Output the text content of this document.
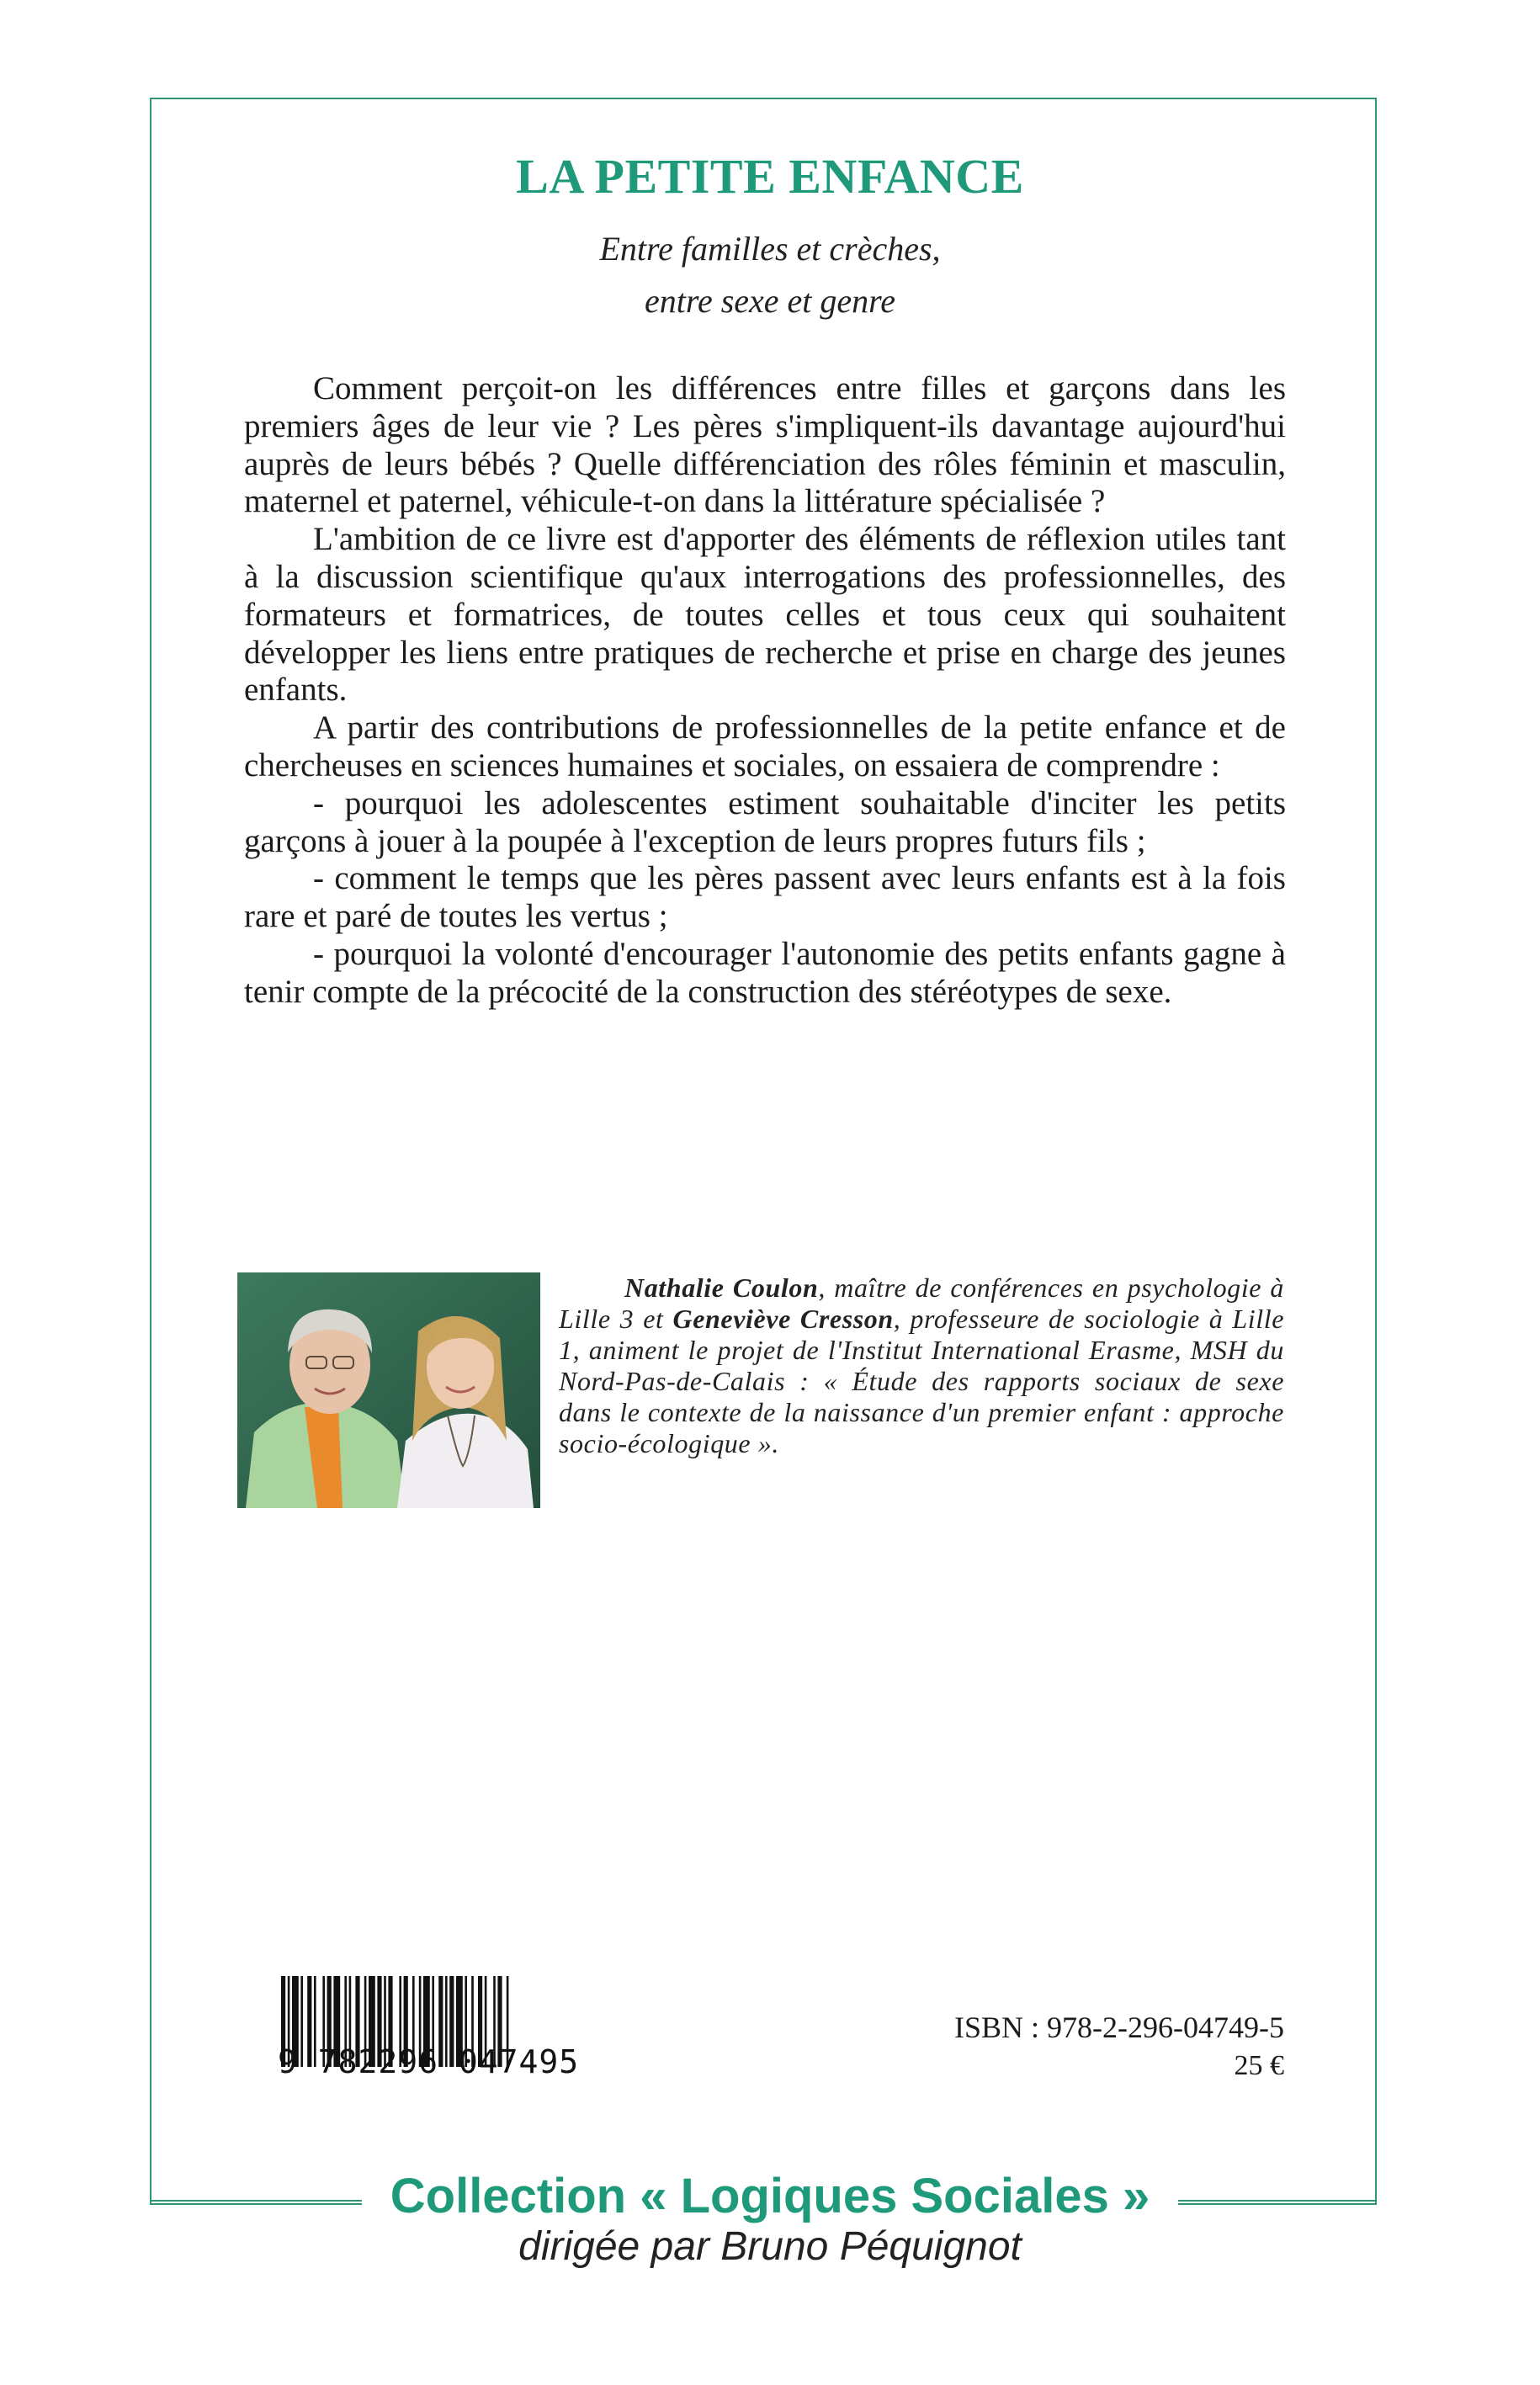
LA PETITE ENFANCE

Entre familles et crèches,

entre sexe et genre

Comment perçoit-on les différences entre filles et garçons dans les premiers âges de leur vie ? Les pères s'impliquent-ils davantage aujourd'hui auprès de leurs bébés ? Quelle différenciation des rôles féminin et masculin, maternel et paternel, véhicule-t-on dans la littérature spécialisée ?

L'ambition de ce livre est d'apporter des éléments de réflexion utiles tant à la discussion scientifique qu'aux interrogations des professionnelles, des formateurs et formatrices, de toutes celles et tous ceux qui souhaitent développer les liens entre pratiques de recherche et prise en charge des jeunes enfants.

A partir des contributions de professionnelles de la petite enfance et de chercheuses en sciences humaines et sociales, on essaiera de comprendre :

- pourquoi les adolescentes estiment souhaitable d'inciter les petits garçons à jouer à la poupée à l'exception de leurs propres futurs fils ;

- comment le temps que les pères passent avec leurs enfants est à la fois rare et paré de toutes les vertus ;

- pourquoi la volonté d'encourager l'autonomie des petits enfants gagne à tenir compte de la précocité de la construction des stéréotypes de sexe.

Nathalie Coulon, maître de conférences en psychologie à Lille 3 et Geneviève Cresson, professeure de sociologie à Lille 1, animent le projet de l'Institut International Erasme, MSH du Nord-Pas-de-Calais : « Étude des rapports sociaux de sexe dans le contexte de la naissance d'un premier enfant : approche socio-écologique ».

9 782296 047495

ISBN : 978-2-296-04749-5

25 €

Collection « Logiques Sociales »

dirigée par Bruno Péquignot
